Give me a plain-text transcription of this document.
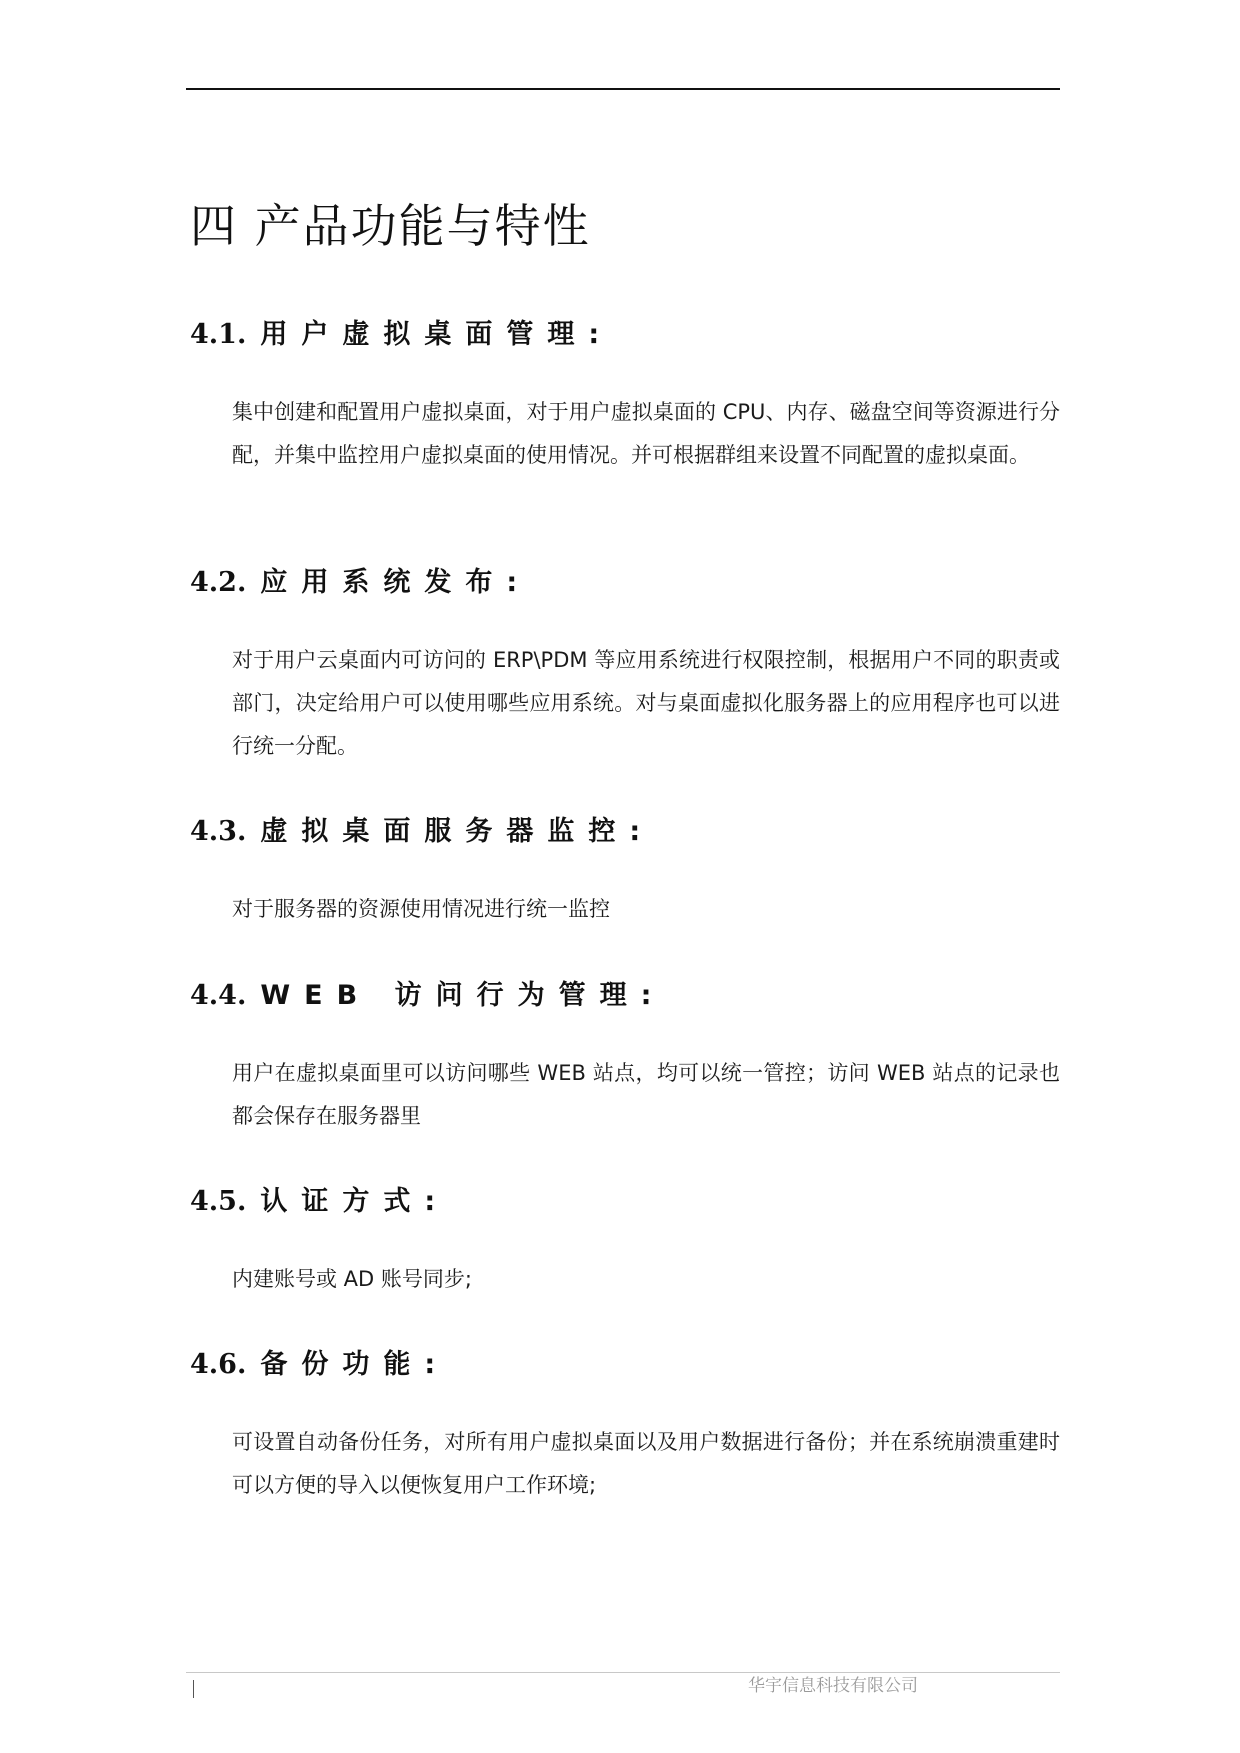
四 产品功能与特性
4.1. 用户虚拟桌面管理:

集中创建和配置用户虚拟桌面，对于用户虚拟桌面的 CPU、内存、磁盘空间等资源进行分配，并集中监控用户虚拟桌面的使用情况。并可根据群组来设置不同配置的虚拟桌面。

4.2. 应用系统发布:

对于用户云桌面内可访问的 ERP\PDM 等应用系统进行权限控制，根据用户不同的职责或部门，决定给用户可以使用哪些应用系统。对与桌面虚拟化服务器上的应用程序也可以进行统一分配。

4.3. 虚拟桌面服务器监控:

对于服务器的资源使用情况进行统一监控

4.4. WEB 访问行为管理:

用户在虚拟桌面里可以访问哪些 WEB 站点，均可以统一管控；访问 WEB 站点的记录也都会保存在服务器里

4.5. 认证方式:

内建账号或 AD 账号同步;

4.6. 备份功能:

可设置自动备份任务，对所有用户虚拟桌面以及用户数据进行备份；并在系统崩溃重建时可以方便的导入以便恢复用户工作环境;

华宇信息科技有限公司
